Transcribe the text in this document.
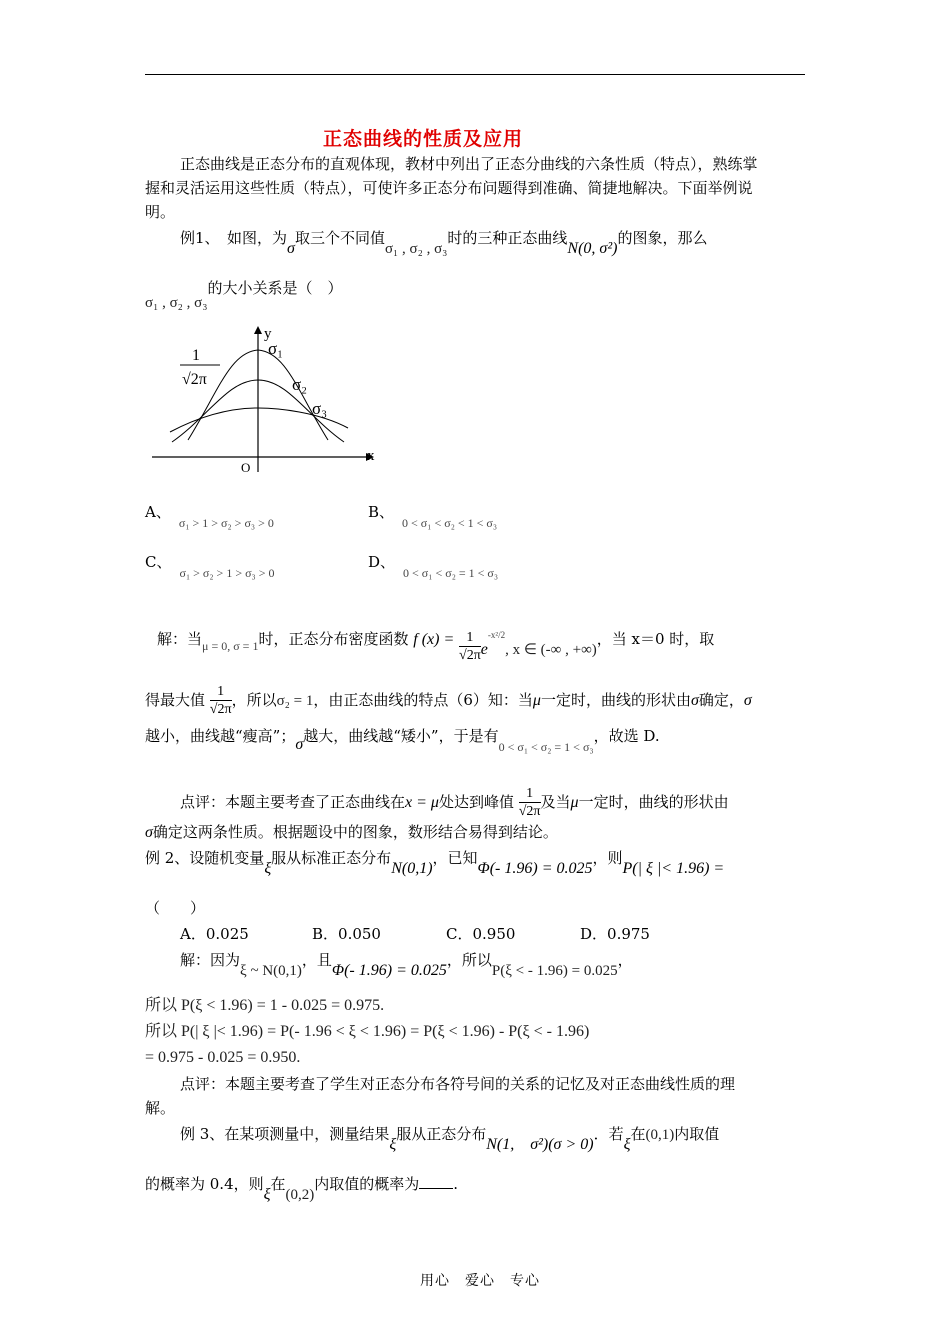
正态曲线的性质及应用
正态曲线是正态分布的直观体现，教材中列出了正态分曲线的六条性质（特点），熟练掌
握和灵活运用这些性质（特点），可使许多正态分布问题得到准确、简捷地解决。下面举例说
明。
例1、　如图，为σ取三个不同值σ₁ , σ₂ , σ₃时的三种正态曲线N(0, σ²)的图象，那么
σ₁ , σ₂ , σ₃的大小关系是（　）
y
x
O
1
√2π
σ₁
σ₂
σ₃
A、$_{\sigma_1 > 1 > \sigma_2 > \sigma_3 > 0}$
B、$_{0 < \sigma_1 < \sigma_2 < 1 < \sigma_3}$
C、$_{\sigma_1 > \sigma_2 > 1 > \sigma_3 > 0}$
D、$_{0 < \sigma_1 < \sigma_2 = 1 < \sigma_3}$
解：当$_{\mu = 0, \sigma = 1}$时，正态分布密度函数 f $(x) = \frac{1}{√2\pi} e^{-x^2/2}$, x ∈ (-∞ , +∞)，当 x＝0 时，取
得最大值 $\frac{1}{√2\pi}$ ，所以σ₂ = 1，由正态曲线的特点（6）知：当μ一定时，曲线的形状由σ确定，σ
越小，曲线越“瘦高”；σ越大，曲线越“矮小”，于是有$_{0 < \sigma_1 < \sigma_2 = 1 < \sigma_3}$，故选 D.
点评：本题主要考查了正态曲线在x = μ处达到峰值 $\frac{1}{√2\pi}$ 及当μ一定时，曲线的形状由
σ确定这两条性质。根据题设中的图象，数形结合易得到结论。
例 2、设随机变量ξ服从标准正态分布N(0,1)，已知Φ(- 1.96) = 0.025，则P(| ξ |< 1.96) =
（　　）
A．0.025	B．0.050	C．0.950	D．0.975
解：因为ξ ~ N(0,1)，且Φ(- 1.96) = 0.025，所以P(ξ < - 1.96) = 0.025，
所以 P(ξ < 1.96) = 1 - 0.025 = 0.975.
所以 P(| ξ |< 1.96) = P(- 1.96 < ξ < 1.96) = P(ξ < 1.96) - P(ξ < - 1.96)
= 0.975 - 0.025 = 0.950.
点评：本题主要考查了学生对正态分布各符号间的关系的记忆及对正态曲线性质的理
解。
例 3、在某项测量中，测量结果ξ服从正态分布N(1,　σ²)(σ > 0)．若ξ在(0,1)内取值
的概率为 0.4，则ξ在(0,2)内取值的概率为 .
用心　爱心　专心
